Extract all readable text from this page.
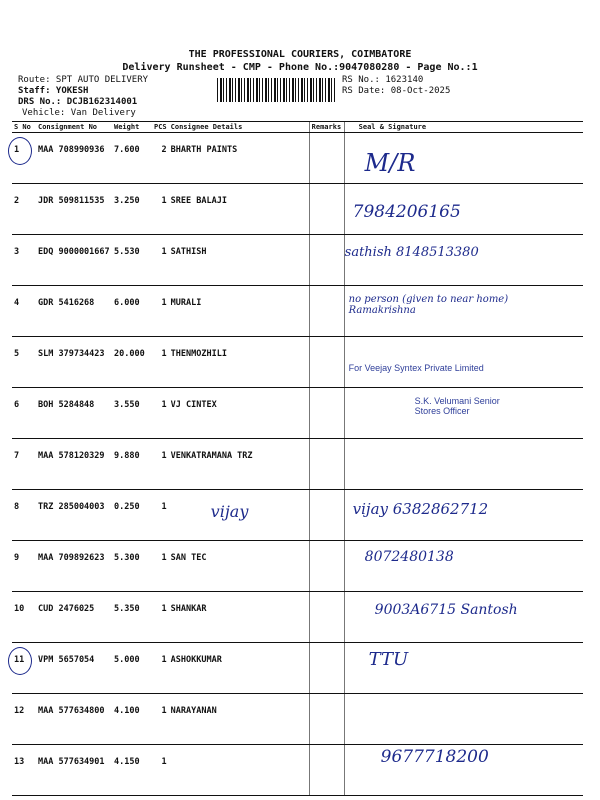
THE PROFESSIONAL COURIERS, COIMBATORE
Delivery Runsheet - CMP - Phone No.:9047080280 - Page No.:1
Route: SPT AUTO DELIVERY
Staff: YOKESH
DRS No.: DCJB162314001
Vehicle: Van Delivery
RS No.: 1623140
RS Date: 08-Oct-2025
S No	Consignment No	Weight	PCS	Consignee Details	Remarks	Seal & Signature
1	MAA 708990936	7.600	2	BHARTH PAINTS		M/R

2	JDR 509811535	3.250	1	SREE BALAJI		7984206165

3	EDQ 9000001667	5.530	1	SATHISH		sathish 8148513380

4	GDR 5416268	6.000	1	MURALI		no person (given to near home) Ramakrishna

5	SLM 379734423	20.000	1	THENMOZHILI		For Veejay Syntex Private Limited

6	BOH 5284848	3.550	1	VJ CINTEX		S.K. Velumani Senior Stores Officer

7	MAA 578120329	9.880	1	VENKATRAMANA TRZ		

8	TRZ 285004003	0.250	1	vijay		vijay 6382862712

9	MAA 709892623	5.300	1	SAN TEC		8072480138

10	CUD 2476025	5.350	1	SHANKAR		9003A6715 Santosh

11	VPM 5657054	5.000	1	ASHOKKUMAR		TTU

12	MAA 577634800	4.100	1	NARAYANAN		

13	MAA 577634901	4.150	1			9677718200
